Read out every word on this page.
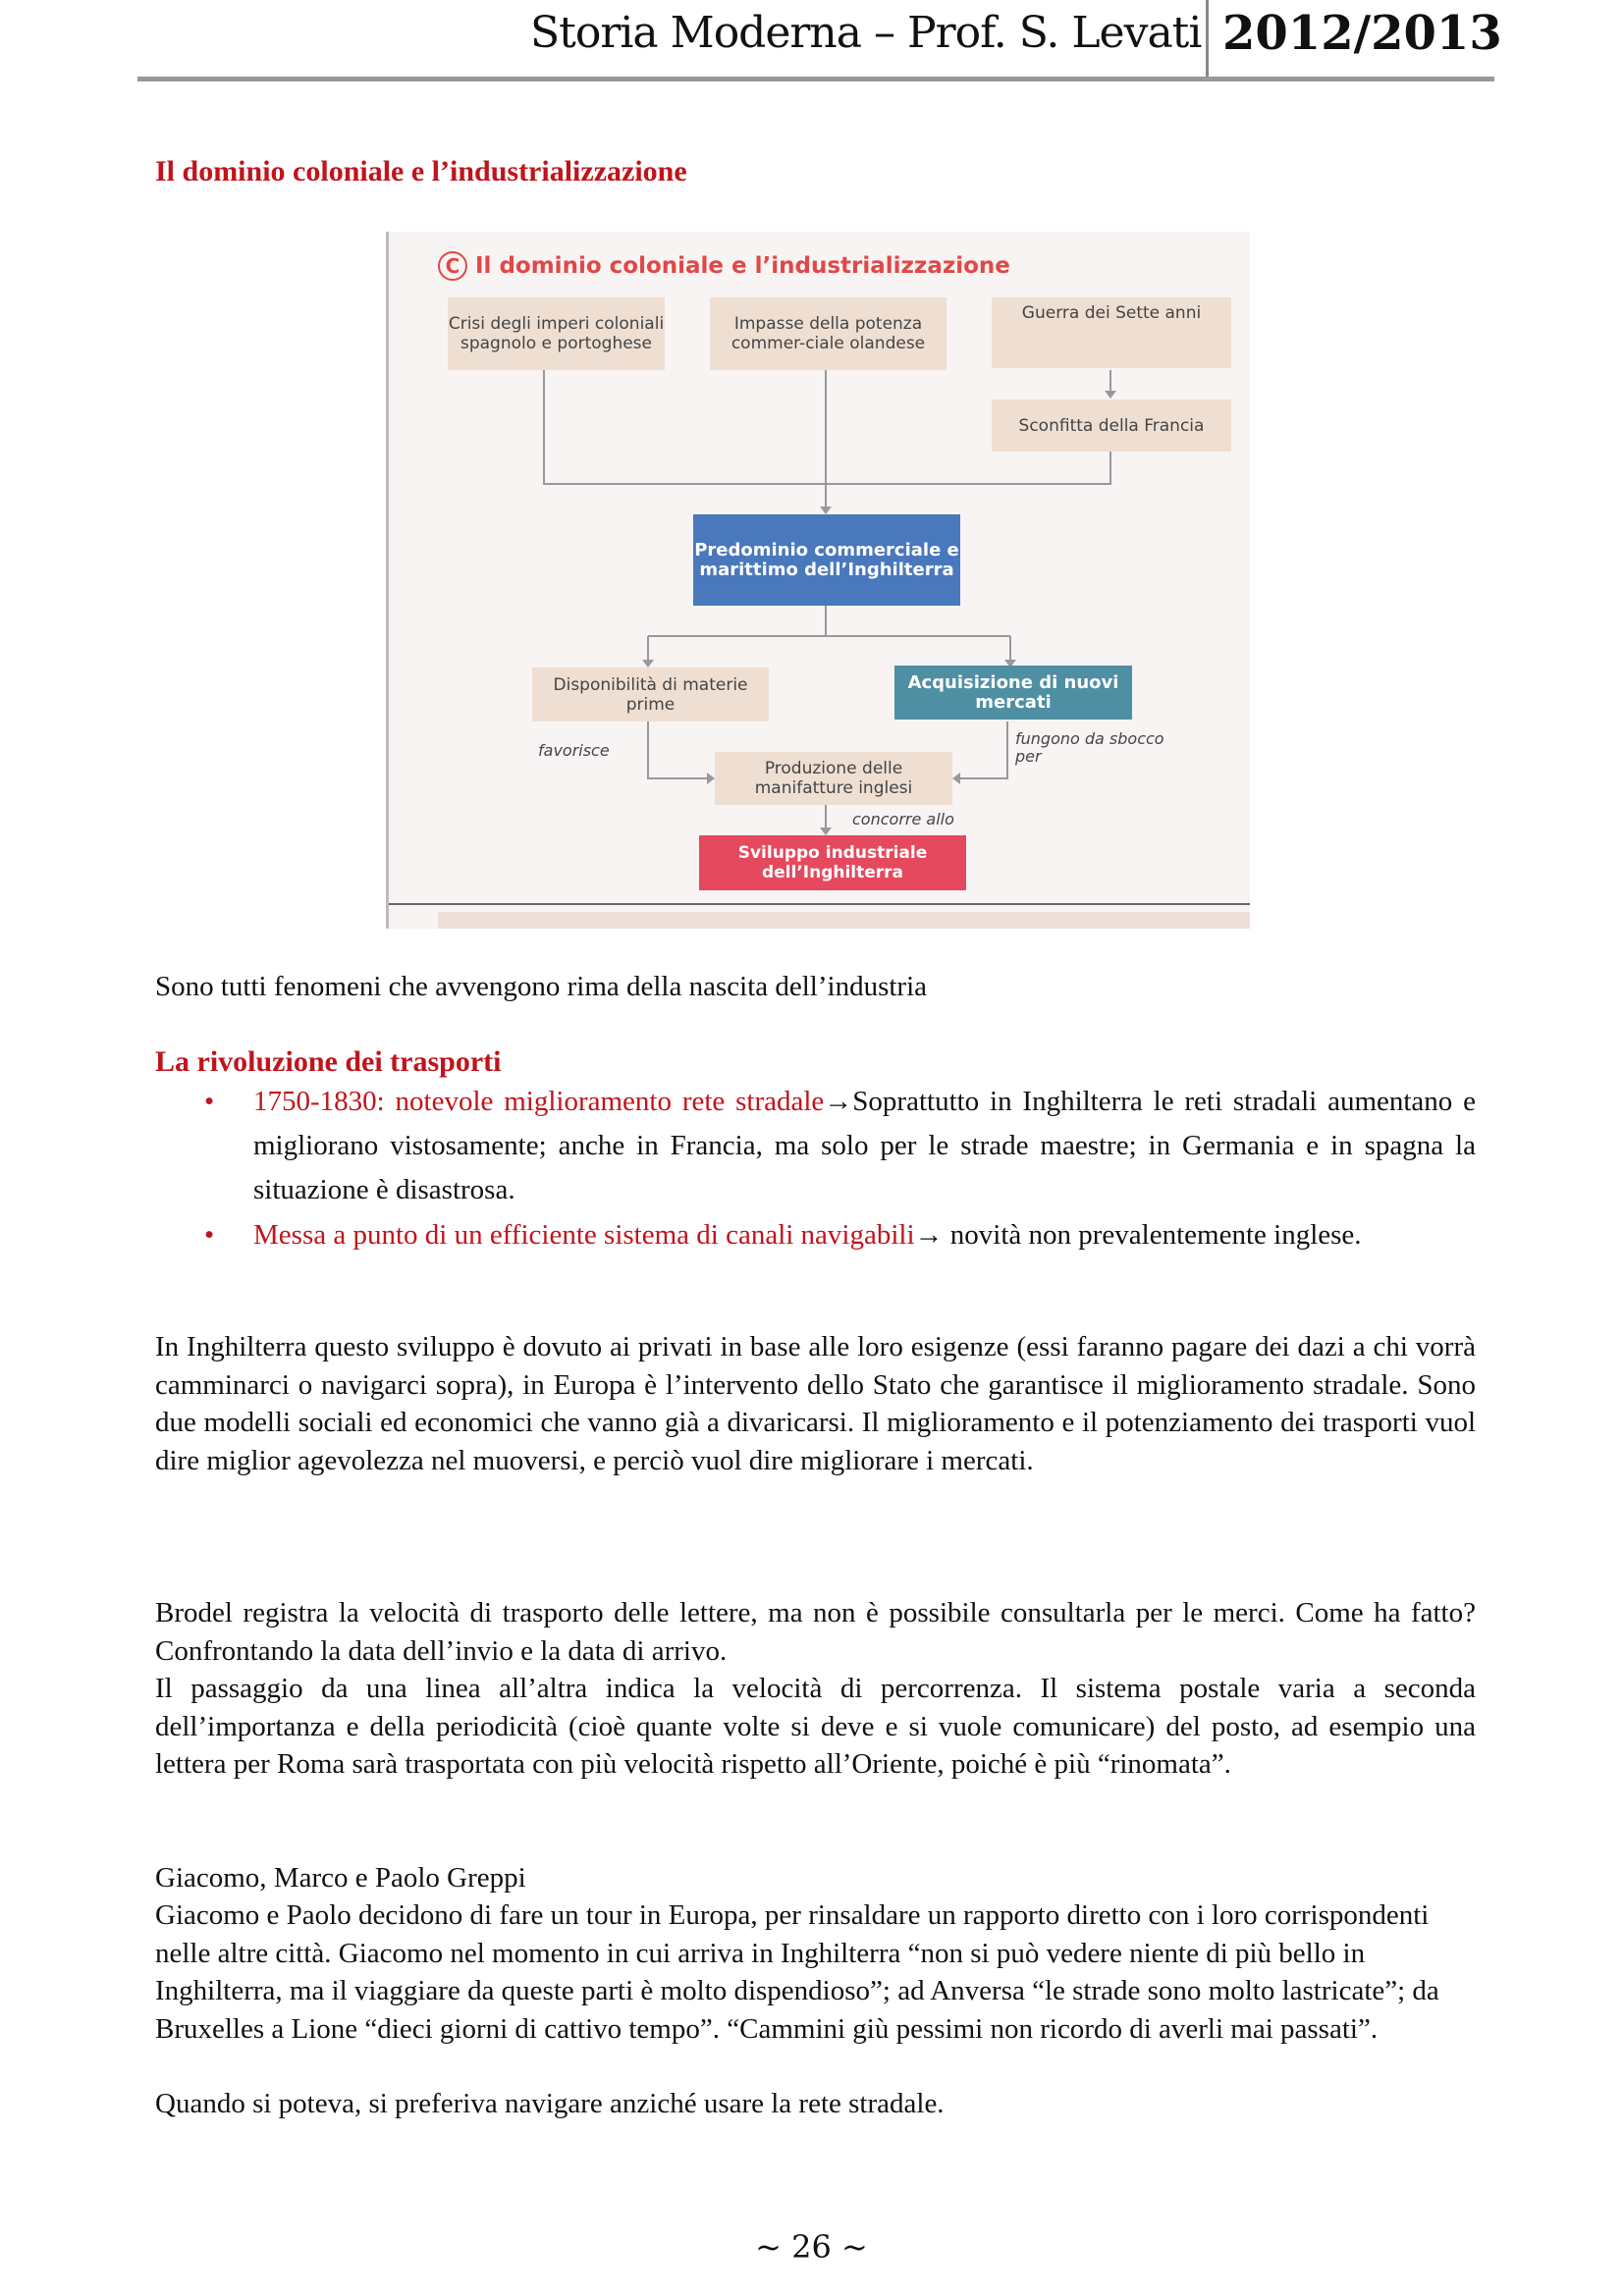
Storia Moderna – Prof. S. Levati 2012/2013
Il dominio coloniale e l’industrializzazione
C Il dominio coloniale e l’industrializzazione
Crisi degli imperi coloniali spagnolo e portoghese
Impasse della potenza commer-ciale olandese
Guerra dei Sette anni
Sconfitta della Francia
Predominio commerciale e marittimo dell’Inghilterra
Disponibilità di materie prime
Acquisizione di nuovi mercati
Produzione delle manifatture inglesi
Sviluppo industriale dell’Inghilterra
favorisce
fungono da sbocco per
concorre allo
Sono tutti fenomeni che avvengono rima della nascita dell’industria
La rivoluzione dei trasporti
• 1750-1830: notevole miglioramento rete stradale→Soprattutto in Inghilterra le reti stradali aumentano e migliorano vistosamente; anche in Francia, ma solo per le strade maestre; in Germania e in spagna la situazione è disastrosa.
• Messa a punto di un efficiente sistema di canali navigabili→ novità non prevalentemente inglese.
In Inghilterra questo sviluppo è dovuto ai privati in base alle loro esigenze (essi faranno pagare dei dazi a chi vorrà camminarci o navigarci sopra), in Europa è l’intervento dello Stato che garantisce il miglioramento stradale. Sono due modelli sociali ed economici che vanno già a divaricarsi. Il miglioramento e il potenziamento dei trasporti vuol dire miglior agevolezza nel muoversi, e perciò vuol dire migliorare i mercati.
Brodel registra la velocità di trasporto delle lettere, ma non è possibile consultarla per le merci. Come ha fatto? Confrontando la data dell’invio e la data di arrivo.
Il passaggio da una linea all’altra indica la velocità di percorrenza. Il sistema postale varia a seconda dell’importanza e della periodicità (cioè quante volte si deve e si vuole comunicare) del posto, ad esempio una lettera per Roma sarà trasportata con più velocità rispetto all’Oriente, poiché è più “rinomata”.
Giacomo, Marco e Paolo Greppi
Giacomo e Paolo decidono di fare un tour in Europa, per rinsaldare un rapporto diretto con i loro corrispondenti nelle altre città. Giacomo nel momento in cui arriva in Inghilterra “non si può vedere niente di più bello in Inghilterra, ma il viaggiare da queste parti è molto dispendioso”; ad Anversa “le strade sono molto lastricate”; da Bruxelles a Lione “dieci giorni di cattivo tempo”. “Cammini giù pessimi non ricordo di averli mai passati”.
Quando si poteva, si preferiva navigare anziché usare la rete stradale.
~ 26 ~
